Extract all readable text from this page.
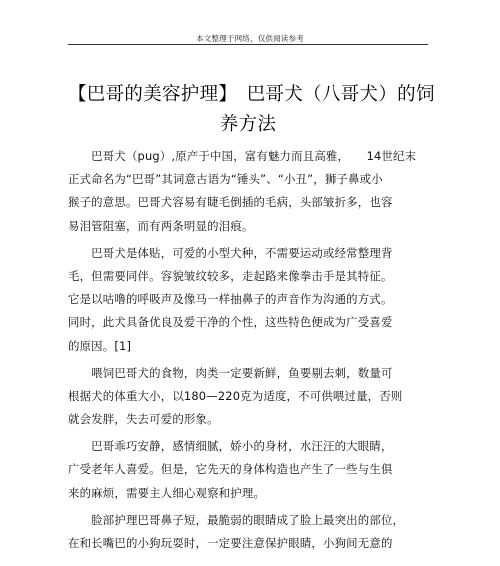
本文整理于网络，仅供阅读参考
【巴哥的美容护理】　巴哥犬（八哥犬）的饲
养方法
　　巴哥犬（pug）,原产于中国，富有魅力而且高雅，　　14世纪末
正式命名为“巴哥”其词意古语为“锤头”、“小丑”，狮子鼻或小
猴子的意思。巴哥犬容易有睫毛倒插的毛病，头部皱折多，也容
易泪管阻塞，而有两条明显的泪痕。
　　巴哥犬是体贴，可爱的小型犬种，不需要运动或经常整理背
毛，但需要同伴。容貌皱纹较多，走起路来像拳击手是其特征。
它是以咕噜的呼吸声及像马一样抽鼻子的声音作为沟通的方式。
同时，此犬具备优良及爱干净的个性，这些特色便成为广受喜爱
的原因。[1]
　　喂饲巴哥犬的食物，肉类一定要新鲜，鱼要剔去刺，数量可
根据犬的体重大小，以180—220克为适度，不可供喂过量，否则
就会发胖，失去可爱的形象。
　　巴哥乖巧安静，感情细腻，娇小的身材，水汪汪的大眼睛，
广受老年人喜爱。但是，它先天的身体构造也产生了一些与生俱
来的麻烦，需要主人细心观察和护理。
　　脸部护理巴哥鼻子短，最脆弱的眼睛成了脸上最突出的部位，
在和长嘴巴的小狗玩耍时，一定要注意保护眼睛，小狗间无意的
